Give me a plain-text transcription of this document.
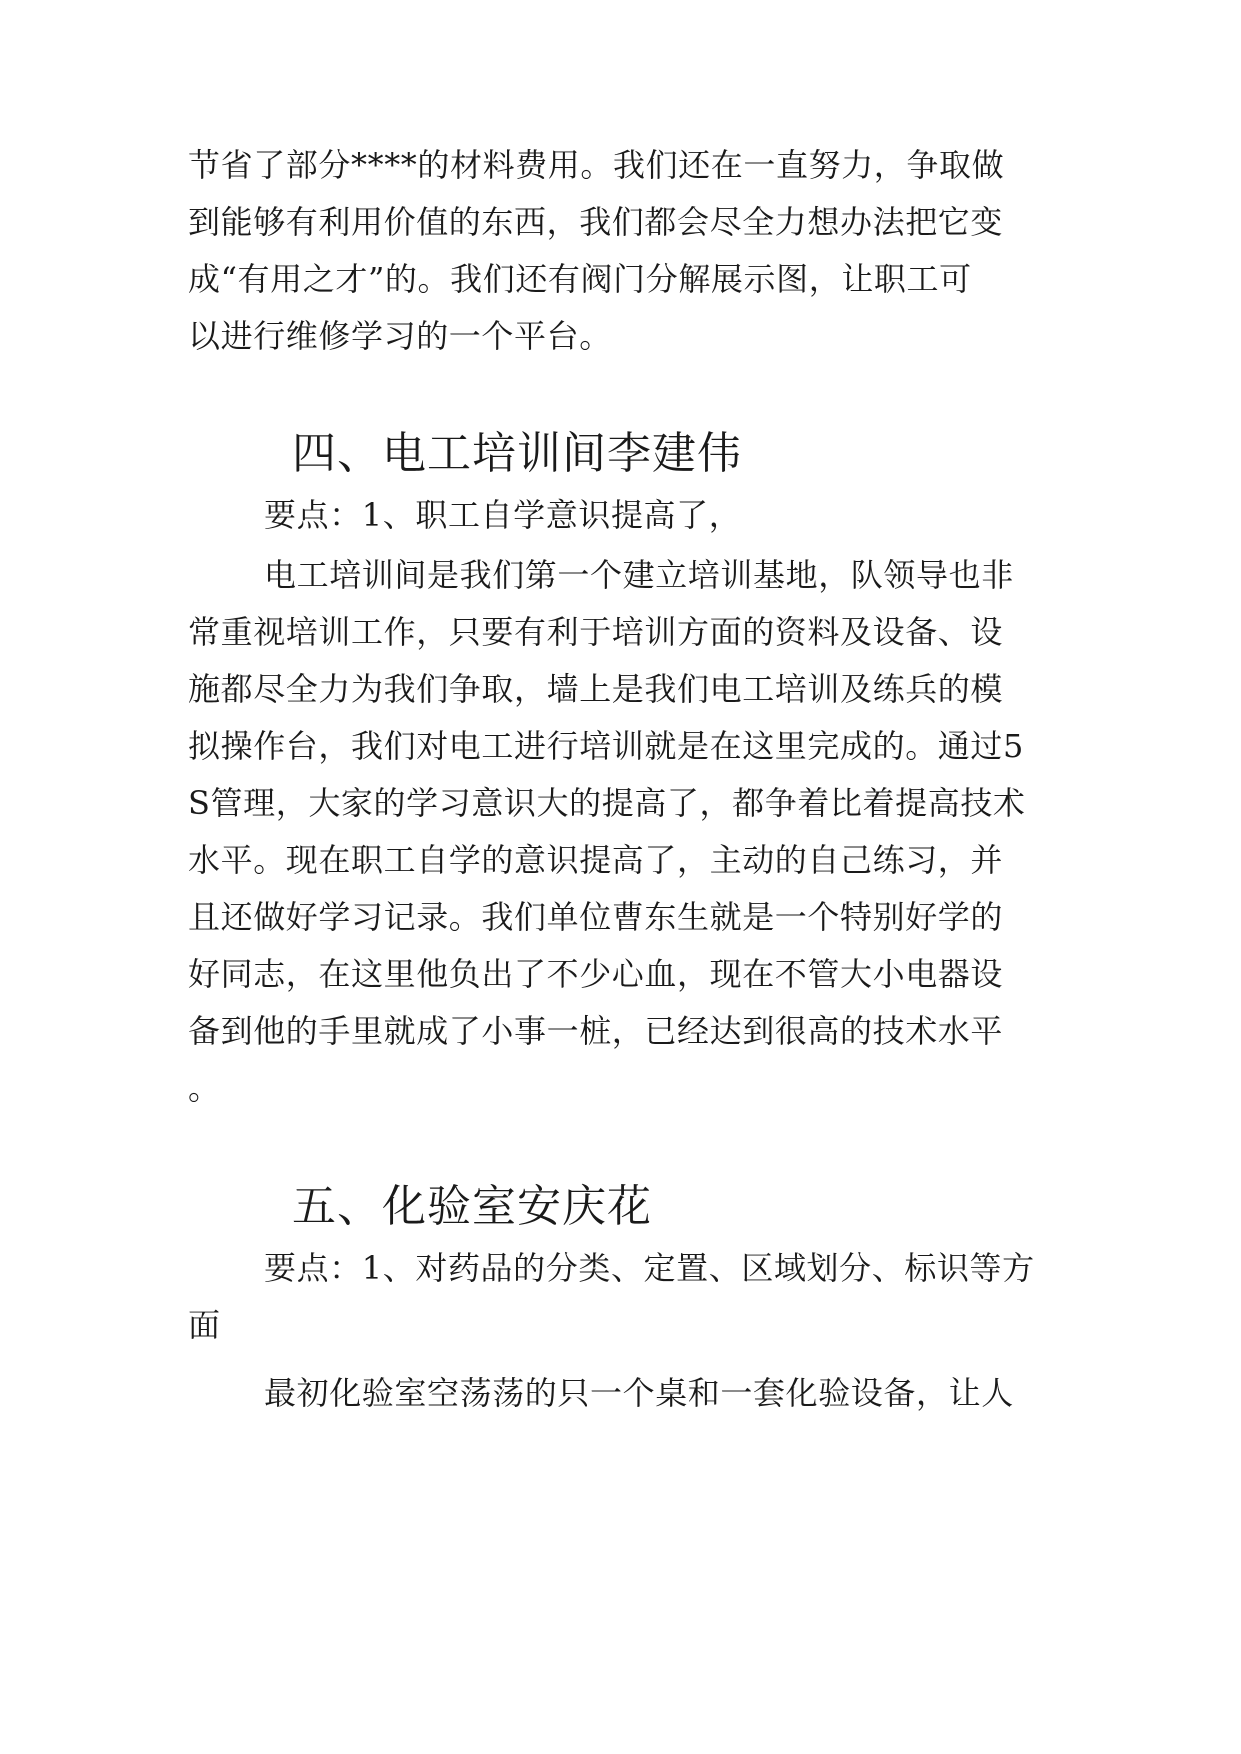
节省了部分****的材料费用。我们还在一直努力，争取做
到能够有利用价值的东西，我们都会尽全力想办法把它变
成“有用之才”的。我们还有阀门分解展示图，让职工可
以进行维修学习的一个平台。
四、电工培训间李建伟
要点：1、职工自学意识提高了，
电工培训间是我们第一个建立培训基地，队领导也非
常重视培训工作，只要有利于培训方面的资料及设备、设
施都尽全力为我们争取，墙上是我们电工培训及练兵的模
拟操作台，我们对电工进行培训就是在这里完成的。通过5
S管理，大家的学习意识大的提高了，都争着比着提高技术
水平。现在职工自学的意识提高了，主动的自己练习，并
且还做好学习记录。我们单位曹东生就是一个特别好学的
好同志，在这里他负出了不少心血，现在不管大小电器设
备到他的手里就成了小事一桩，已经达到很高的技术水平
。
五、化验室安庆花
要点：1、对药品的分类、定置、区域划分、标识等方
面
最初化验室空荡荡的只一个桌和一套化验设备，让人
